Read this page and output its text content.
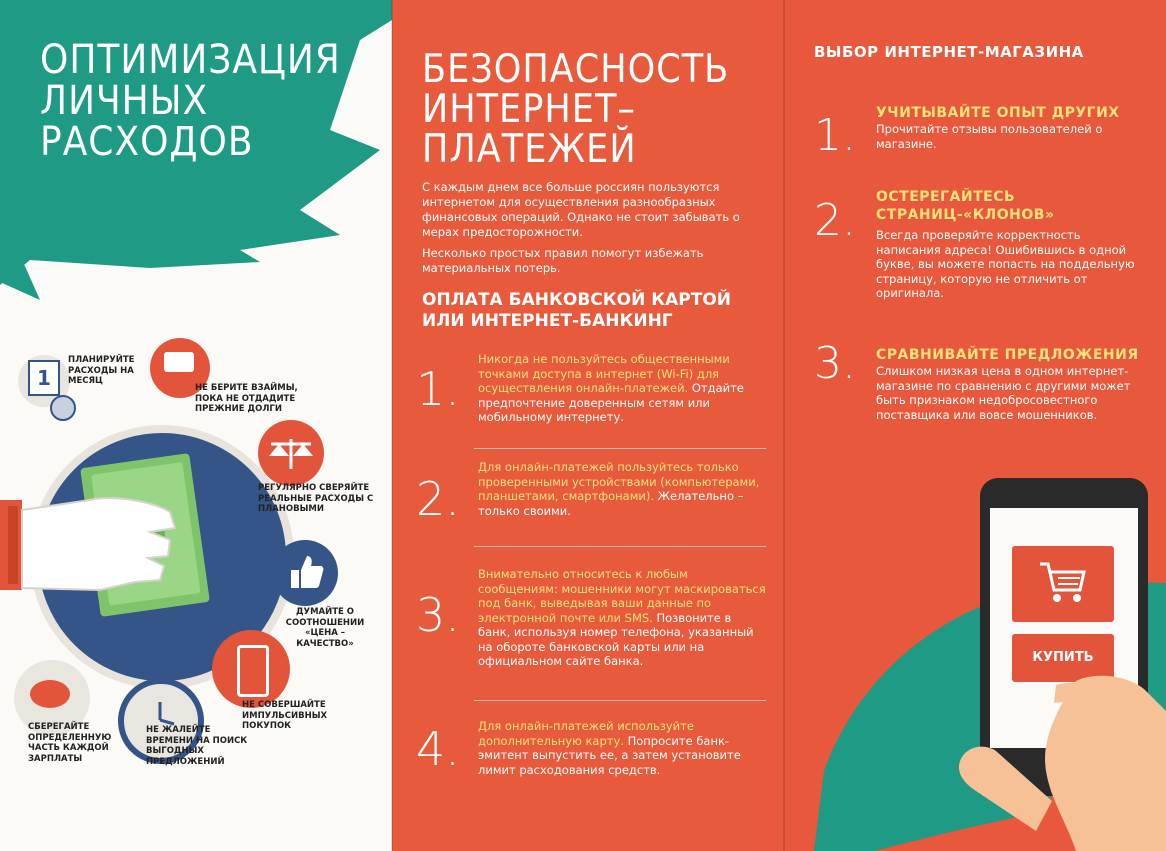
ОПТИМИЗАЦИЯ
ЛИЧНЫХ
РАСХОДОВ
1
ПЛАНИРУЙТЕ РАСХОДЫ НА МЕСЯЦ
НЕ БЕРИТЕ ВЗАЙМЫ, ПОКА НЕ ОТДАДИТЕ ПРЕЖНИЕ ДОЛГИ
РЕГУЛЯРНО СВЕРЯЙТЕ РЕАЛЬНЫЕ РАСХОДЫ С ПЛАНОВЫМИ
ДУМАЙТЕ О СООТНОШЕНИИ «ЦЕНА – КАЧЕСТВО»
НЕ СОВЕРШАЙТЕ ИМПУЛЬСИВНЫХ ПОКУПОК
НЕ ЖАЛЕЙТЕ ВРЕМЕНИ НА ПОИСК ВЫГОДНЫХ ПРЕДЛОЖЕНИЙ
СБЕРЕГАЙТЕ ОПРЕДЕЛЕННУЮ ЧАСТЬ КАЖДОЙ ЗАРПЛАТЫ
БЕЗОПАСНОСТЬ
ИНТЕРНЕТ–ПЛАТЕЖЕЙ
С каждым днем все больше россиян пользуются интернетом для осуществления разнообразных финансовых операций. Однако не стоит забывать о мерах предосторожности.
Несколько простых правил помогут избежать материальных потерь.
ОПЛАТА БАНКОВСКОЙ КАРТОЙ
ИЛИ ИНТЕРНЕТ-БАНКИНГ
1.
Никогда не пользуйтесь общественными точками доступа в интернет (Wi-Fi) для осуществления онлайн-платежей. Отдайте предпочтение доверенным сетям или мобильному интернету.
2.
Для онлайн-платежей пользуйтесь только проверенными устройствами (компьютерами, планшетами, смартфонами). Желательно – только своими.
3.
Внимательно относитесь к любым сообщениям: мошенники могут маскироваться под банк, выведывая ваши данные по электронной почте или SMS. Позвоните в банк, используя номер телефона, указанный на обороте банковской карты или на официальном сайте банка.
4. Для онлайн-платежей используйте дополнительную карту. Попросите банк-эмитент выпустить ее, а затем установите лимит расходования средств.
ВЫБОР ИНТЕРНЕТ-МАГАЗИНА
1. УЧИТЫВАЙТЕ ОПЫТ ДРУГИХ
Прочитайте отзывы пользователей о магазине.
2. ОСТЕРЕГАЙТЕСЬ СТРАНИЦ-«КЛОНОВ»
Всегда проверяйте корректность написания адреса! Ошибившись в одной букве, вы можете попасть на поддельную страницу, которую не отличить от оригинала.
3. СРАВНИВАЙТЕ ПРЕДЛОЖЕНИЯ
Слишком низкая цена в одном интернет-магазине по сравнению с другими может быть признаком недобросовестного поставщика или вовсе мошенников.
КУПИТЬ
